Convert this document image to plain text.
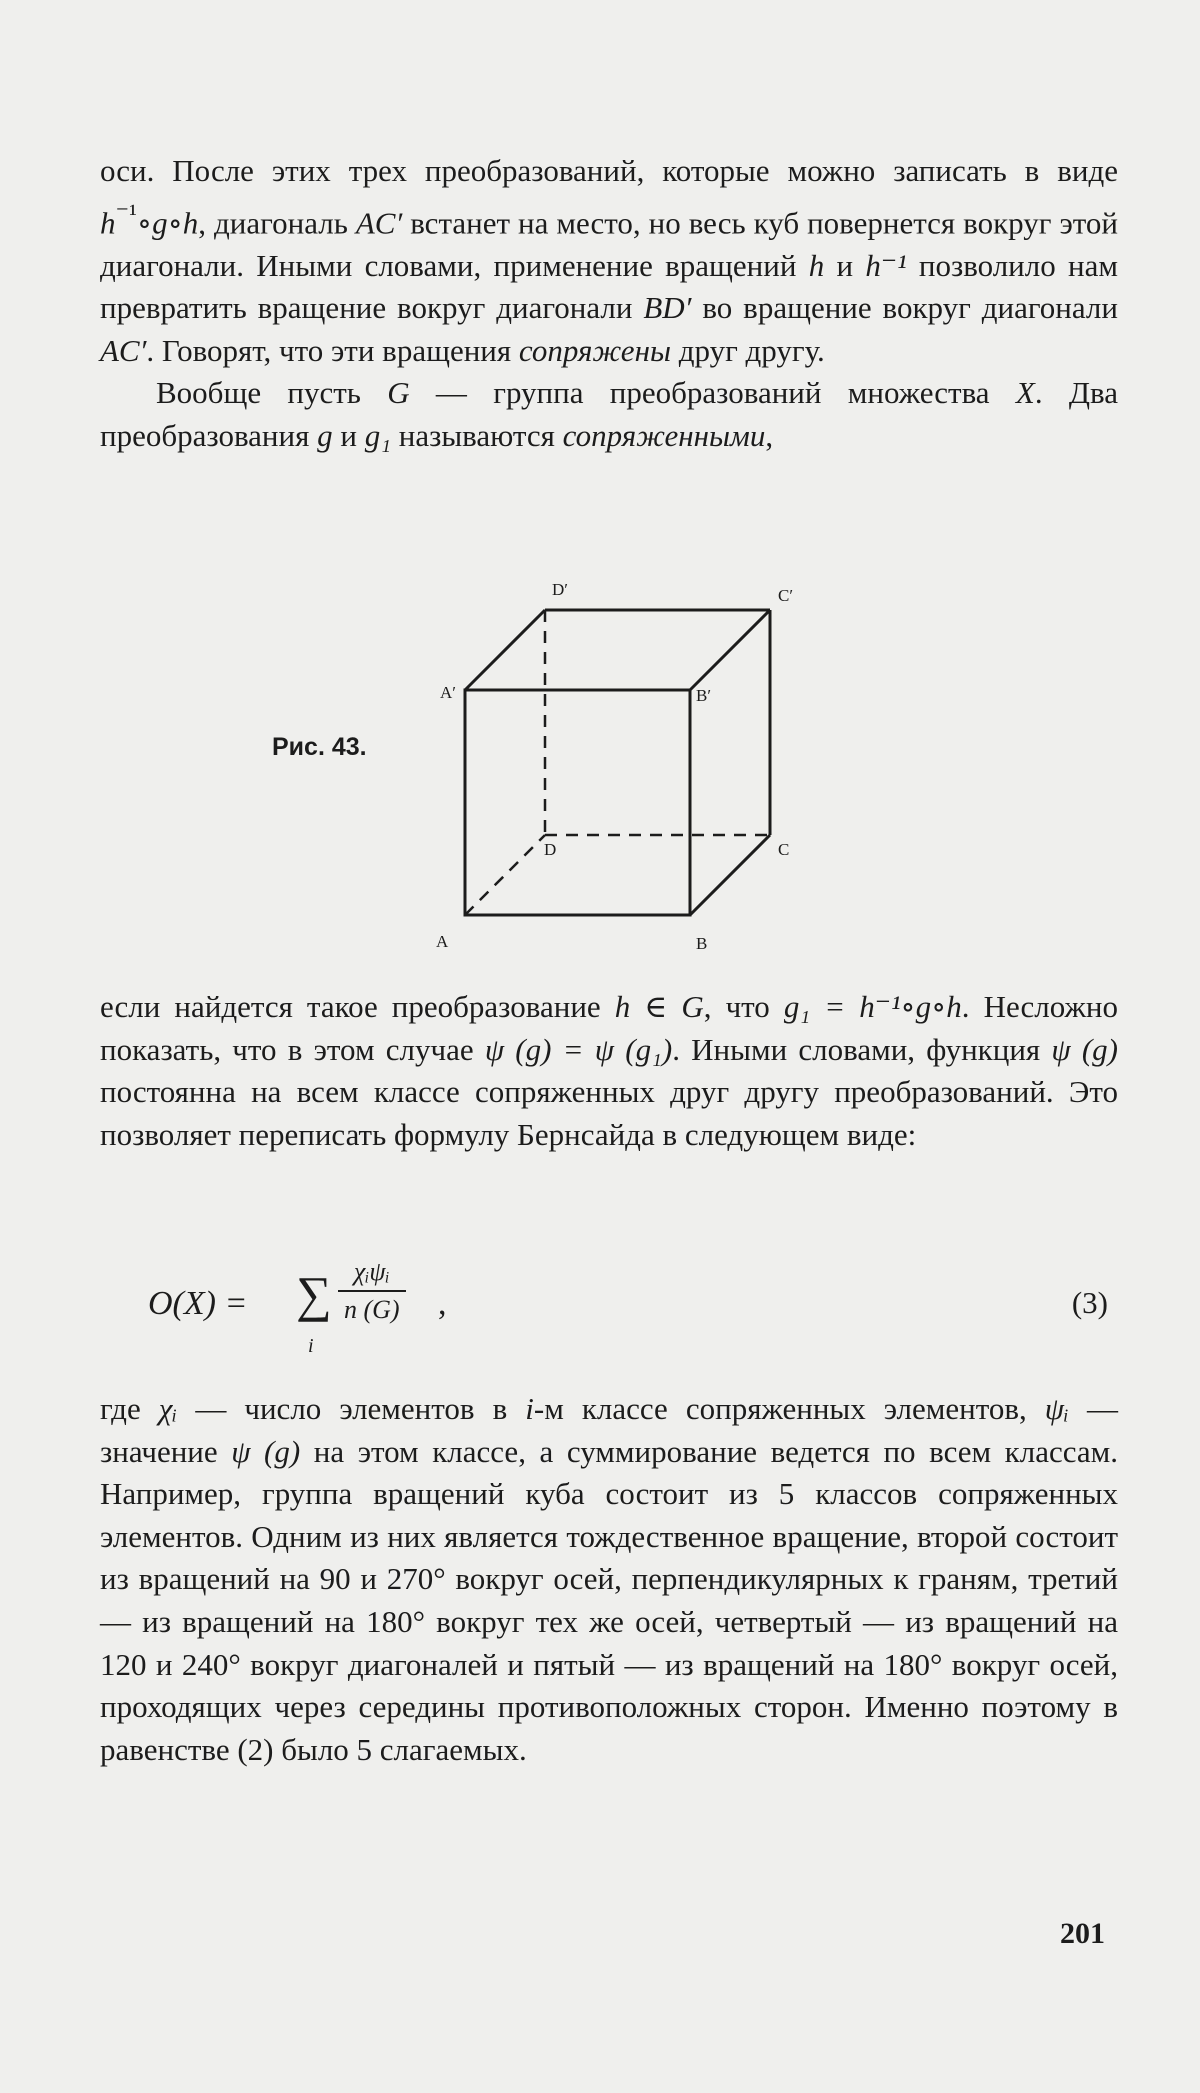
оси. После этих трех преобразований, которые можно записать в виде $h^{^{-1}}\circ g\circ h$, диагональ AC′ встанет на место, но весь куб повернется вокруг этой диагонали. Иными словами, применение вращений h и h⁻¹ позволило нам превратить вращение вокруг диагонали BD′ во вращение вокруг диагонали AC′. Говорят, что эти вращения сопряжены друг другу.

Вообще пусть G — группа преобразований множества X. Два преобразования g и g₁ называются сопряженными,

Рис. 43.
D′	C′
A′	B′
D	C
A	B

если найдется такое преобразование h ∈ G, что g₁ = h⁻¹∘g∘h. Несложно показать, что в этом случае ψ (g) = ψ (g₁). Иными словами, функция ψ (g) постоянна на всем классе сопряженных друг другу преобразований. Это позволяет переписать формулу Бернсайда в следующем виде:

O(X) = ∑
i
χᵢψᵢ
n (G) ,	(3)

где χᵢ — число элементов в i-м классе сопряженных элементов, ψᵢ — значение ψ (g) на этом классе, а суммирование ведется по всем классам. Например, группа вращений куба состоит из 5 классов сопряженных элементов. Одним из них является тождественное вращение, второй состоит из вращений на 90 и 270° вокруг осей, перпендикулярных к граням, третий — из вращений на 180° вокруг тех же осей, четвертый — из вращений на 120 и 240° вокруг диагоналей и пятый — из вращений на 180° вокруг осей, проходящих через середины противоположных сторон. Именно поэтому в равенстве (2) было 5 слагаемых.

201
